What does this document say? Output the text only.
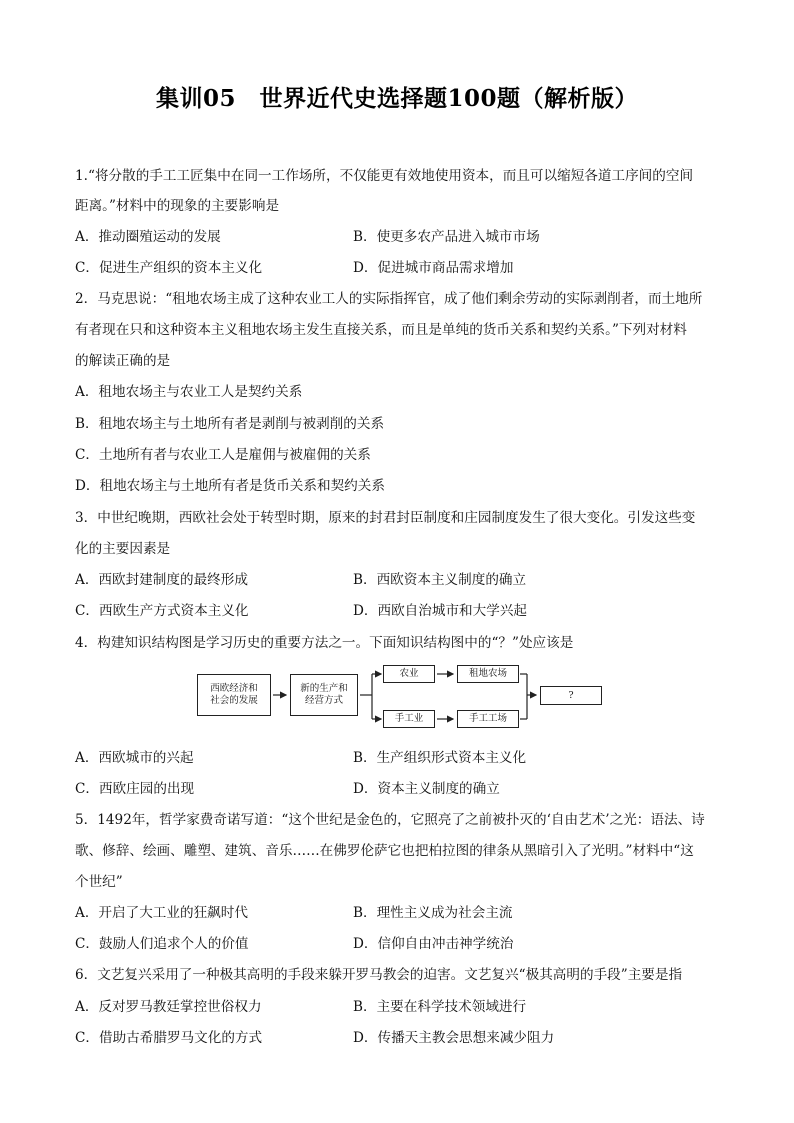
集训05　世界近代史选择题100题（解析版）
1.“将分散的手工工匠集中在同一工作场所，不仅能更有效地使用资本，而且可以缩短各道工序间的空间
距离。”材料中的现象的主要影响是
A．推动圈殖运动的发展	B．使更多农产品进入城市市场
C．促进生产组织的资本主义化	D．促进城市商品需求增加
2．马克思说：“租地农场主成了这种农业工人的实际指挥官，成了他们剩余劳动的实际剥削者，而土地所
有者现在只和这种资本主义租地农场主发生直接关系，而且是单纯的货币关系和契约关系。”下列对材料
的解读正确的是
A．租地农场主与农业工人是契约关系
B．租地农场主与土地所有者是剥削与被剥削的关系
C．土地所有者与农业工人是雇佣与被雇佣的关系
D．租地农场主与土地所有者是货币关系和契约关系
3．中世纪晚期，西欧社会处于转型时期，原来的封君封臣制度和庄园制度发生了很大变化。引发这些变
化的主要因素是
A．西欧封建制度的最终形成	B．西欧资本主义制度的确立
C．西欧生产方式资本主义化	D．西欧自治城市和大学兴起
4．构建知识结构图是学习历史的重要方法之一。下面知识结构图中的“？”处应该是
西欧经济和
社会的发展
新的生产和
经营方式
农业	租地农场
手工业	手工工场
?
A．西欧城市的兴起	B．生产组织形式资本主义化
C．西欧庄园的出现	D．资本主义制度的确立
5．1492年，哲学家费奇诺写道：“这个世纪是金色的，它照亮了之前被扑灭的‘自由艺术’之光：语法、诗
歌、修辞、绘画、雕塑、建筑、音乐……在佛罗伦萨它也把柏拉图的律条从黑暗引入了光明。”材料中“这
个世纪”
A．开启了大工业的狂飙时代	B．理性主义成为社会主流
C．鼓励人们追求个人的价值	D．信仰自由冲击神学统治
6．文艺复兴采用了一种极其高明的手段来躲开罗马教会的迫害。文艺复兴“极其高明的手段”主要是指
A．反对罗马教廷掌控世俗权力	B．主要在科学技术领域进行
C．借助古希腊罗马文化的方式	D．传播天主教会思想来减少阻力
